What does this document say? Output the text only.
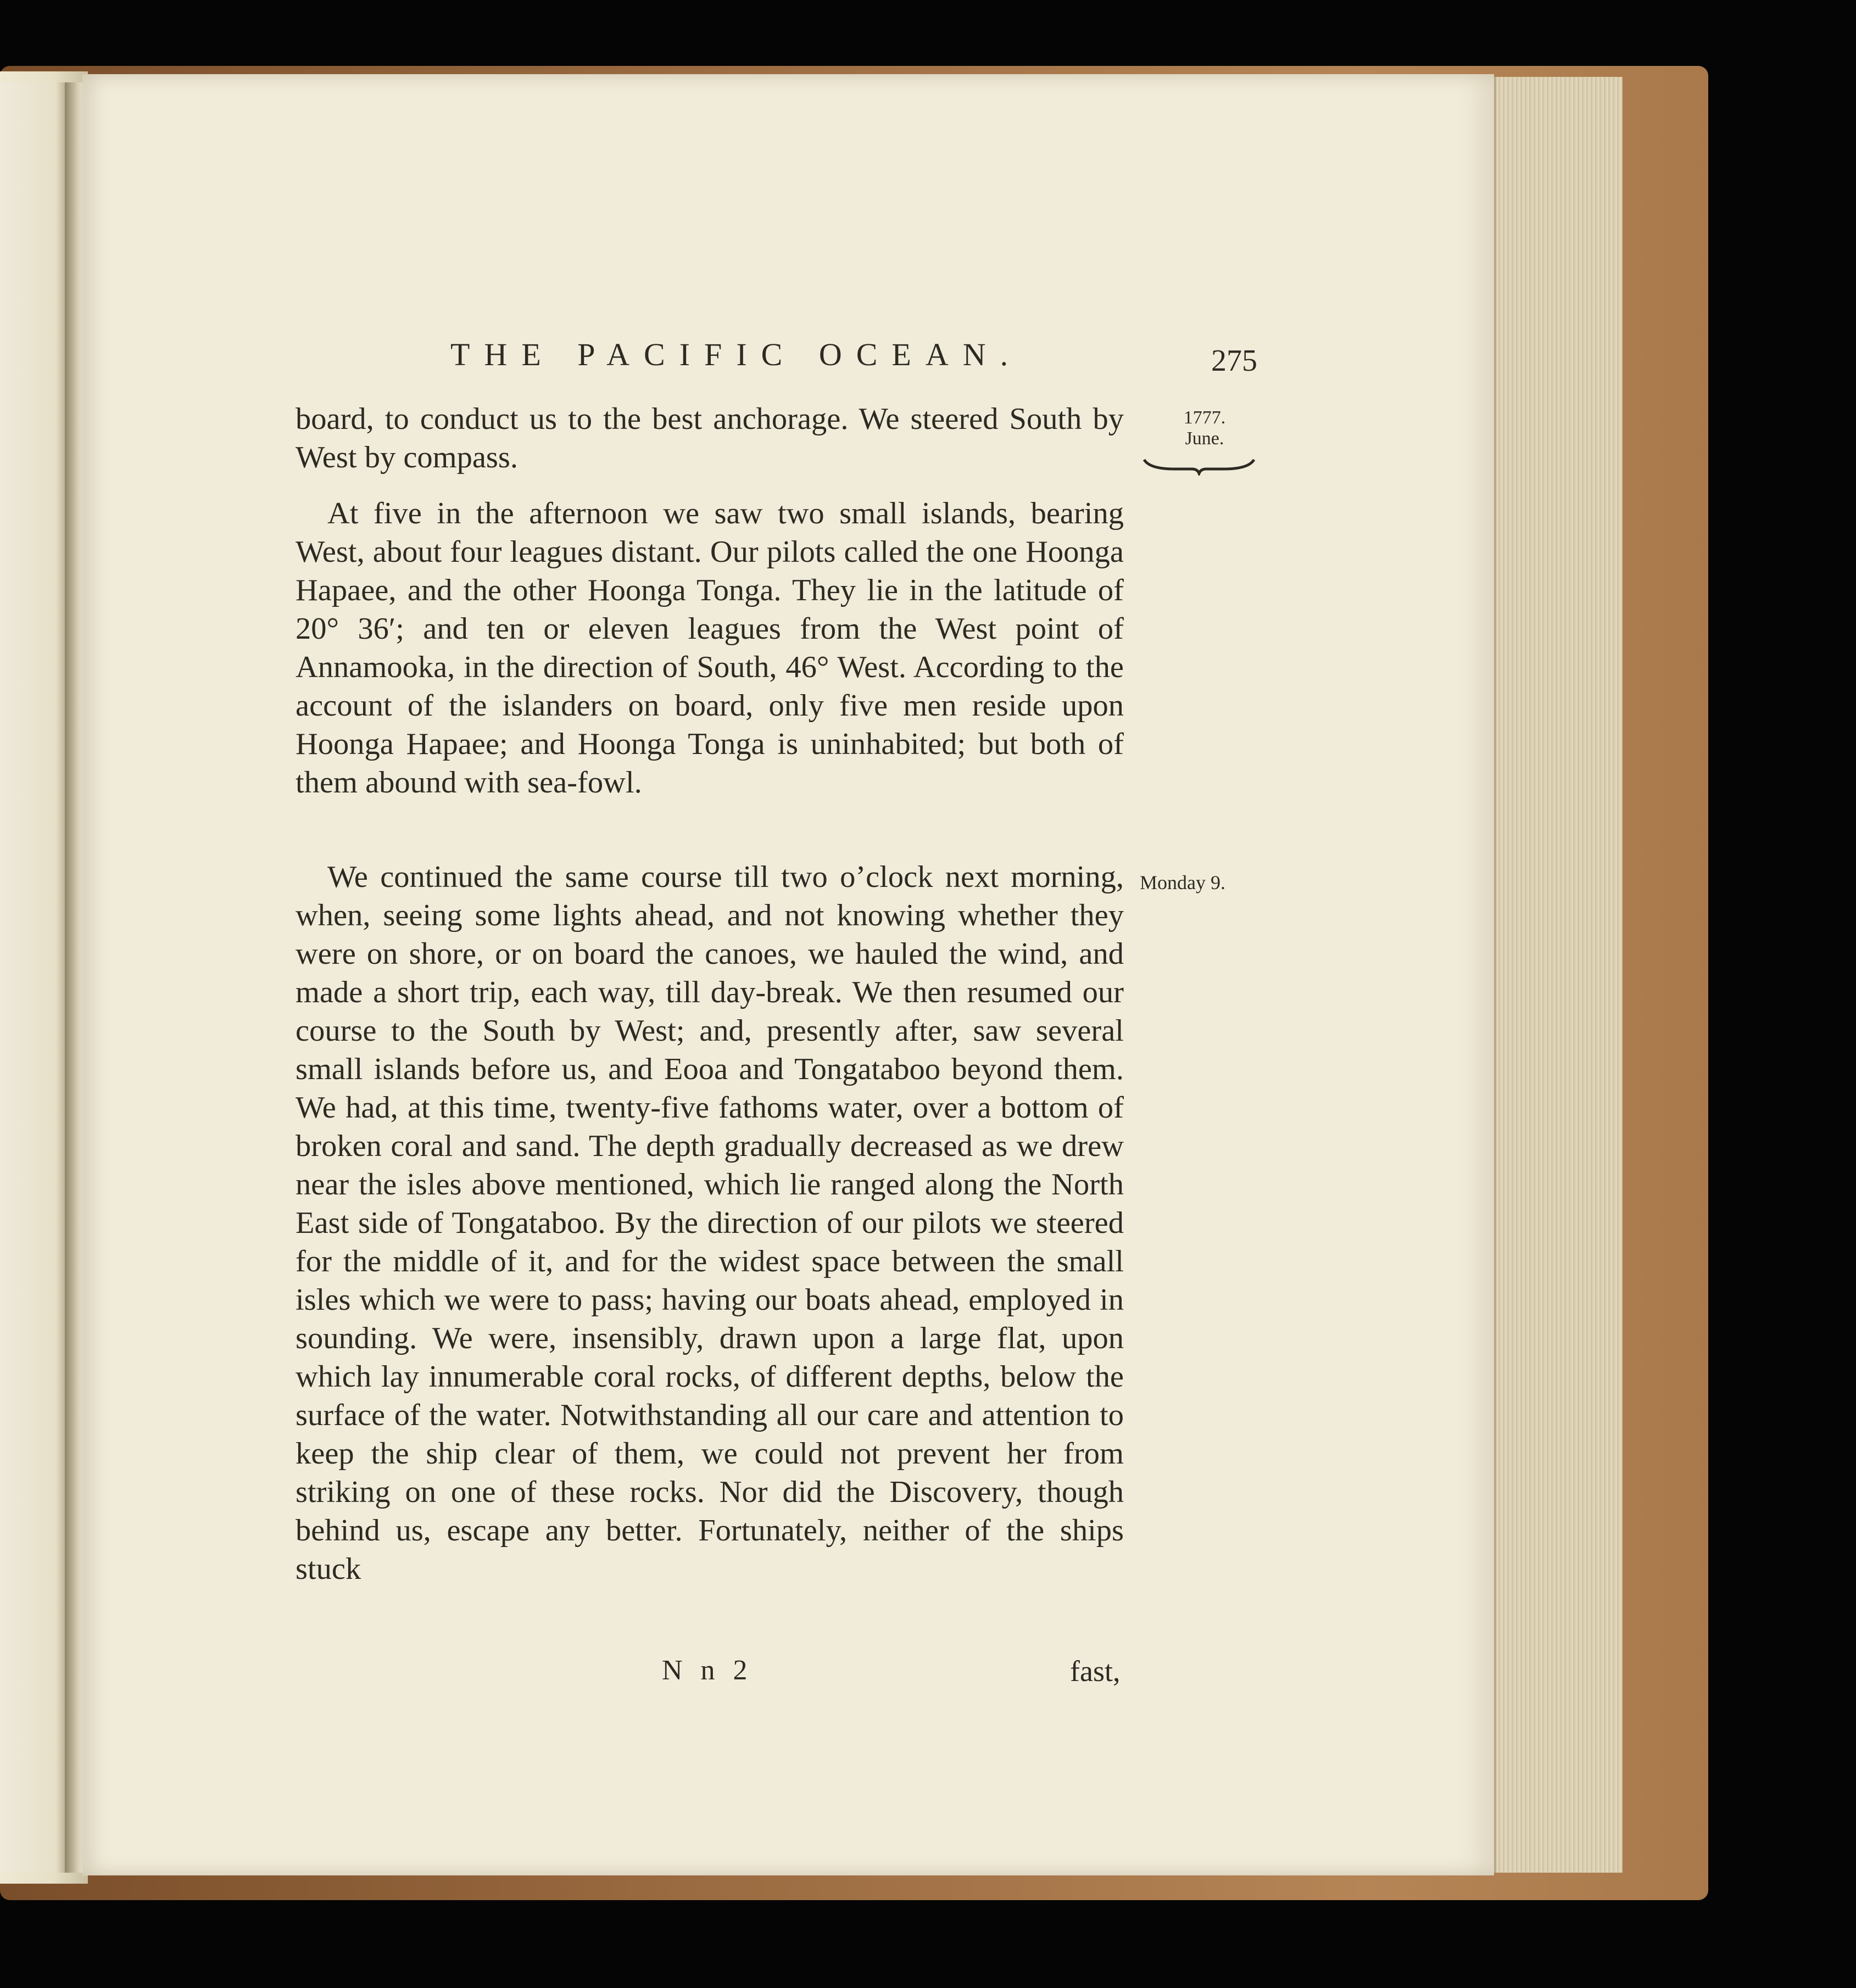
THE PACIFIC OCEAN.	275
1777.
June.
board, to conduct us to the best anchorage. We steered South by West by compass.
At five in the afternoon we saw two small islands, bearing West, about four leagues distant. Our pilots called the one Hoonga Hapaee, and the other Hoonga Tonga. They lie in the latitude of 20° 36′; and ten or eleven leagues from the West point of Annamooka, in the direction of South, 46° West. According to the account of the islanders on board, only five men reside upon Hoonga Hapaee; and Hoonga Tonga is uninhabited; but both of them abound with sea-fowl.
We continued the same course till two o’clock next morning, when, seeing some lights ahead, and not knowing whether they were on shore, or on board the canoes, we hauled the wind, and made a short trip, each way, till day-break. We then resumed our course to the South by West; and, presently after, saw several small islands before us, and Eooa and Tongataboo beyond them. We had, at this time, twenty-five fathoms water, over a bottom of broken coral and sand. The depth gradually decreased as we drew near the isles above mentioned, which lie ranged along the North East side of Tongataboo. By the direction of our pilots we steered for the middle of it, and for the widest space between the small isles which we were to pass; having our boats ahead, employed in sounding. We were, insensibly, drawn upon a large flat, upon which lay innumerable coral rocks, of different depths, below the surface of the water. Notwithstanding all our care and attention to keep the ship clear of them, we could not prevent her from striking on one of these rocks. Nor did the Discovery, though behind us, escape any better. Fortunately, neither of the ships stuck
Monday 9.
N n 2	fast,
